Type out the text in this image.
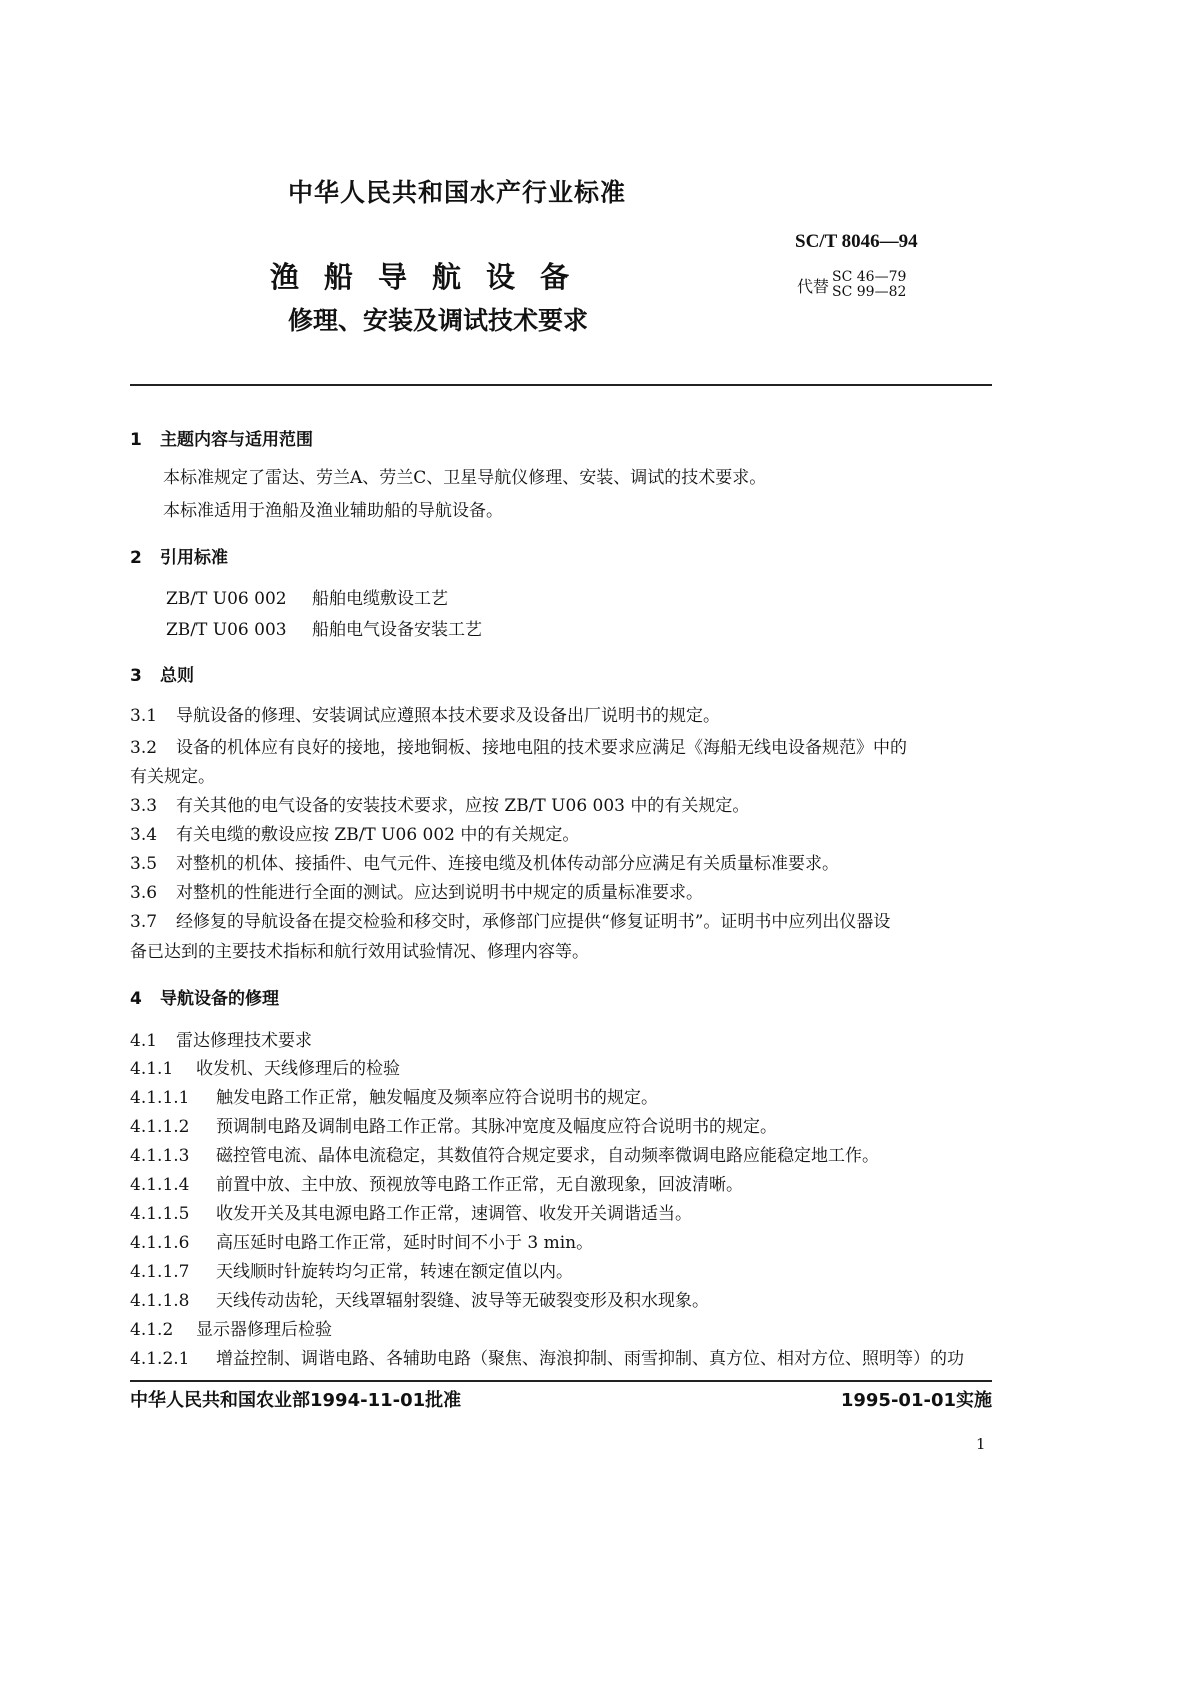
中华人民共和国水产行业标准
SC/T 8046—94
渔船导航设备
修理、安装及调试技术要求
代替 SC 46—79
SC 99—82
1 主题内容与适用范围
本标准规定了雷达、劳兰A、劳兰C、卫星导航仪修理、安装、调试的技术要求。
本标准适用于渔船及渔业辅助船的导航设备。
2 引用标准
ZB/T U06 002 船舶电缆敷设工艺
ZB/T U06 003 船舶电气设备安装工艺
3 总则
3.1 导航设备的修理、安装调试应遵照本技术要求及设备出厂说明书的规定。
3.2 设备的机体应有良好的接地，接地铜板、接地电阻的技术要求应满足《海船无线电设备规范》中的
有关规定。
3.3 有关其他的电气设备的安装技术要求，应按 ZB/T U06 003 中的有关规定。
3.4 有关电缆的敷设应按 ZB/T U06 002 中的有关规定。
3.5 对整机的机体、接插件、电气元件、连接电缆及机体传动部分应满足有关质量标准要求。
3.6 对整机的性能进行全面的测试。应达到说明书中规定的质量标准要求。
3.7 经修复的导航设备在提交检验和移交时，承修部门应提供“修复证明书”。证明书中应列出仪器设
备已达到的主要技术指标和航行效用试验情况、修理内容等。
4 导航设备的修理
4.1 雷达修理技术要求
4.1.1 收发机、天线修理后的检验
4.1.1.1 触发电路工作正常，触发幅度及频率应符合说明书的规定。
4.1.1.2 预调制电路及调制电路工作正常。其脉冲宽度及幅度应符合说明书的规定。
4.1.1.3 磁控管电流、晶体电流稳定，其数值符合规定要求，自动频率微调电路应能稳定地工作。
4.1.1.4 前置中放、主中放、预视放等电路工作正常，无自激现象，回波清晰。
4.1.1.5 收发开关及其电源电路工作正常，速调管、收发开关调谐适当。
4.1.1.6 高压延时电路工作正常，延时时间不小于 3 min。
4.1.1.7 天线顺时针旋转均匀正常，转速在额定值以内。
4.1.1.8 天线传动齿轮，天线罩辐射裂缝、波导等无破裂变形及积水现象。
4.1.2 显示器修理后检验
4.1.2.1 增益控制、调谐电路、各辅助电路（聚焦、海浪抑制、雨雪抑制、真方位、相对方位、照明等）的功
中华人民共和国农业部1994-11-01批准	1995-01-01实施
1
